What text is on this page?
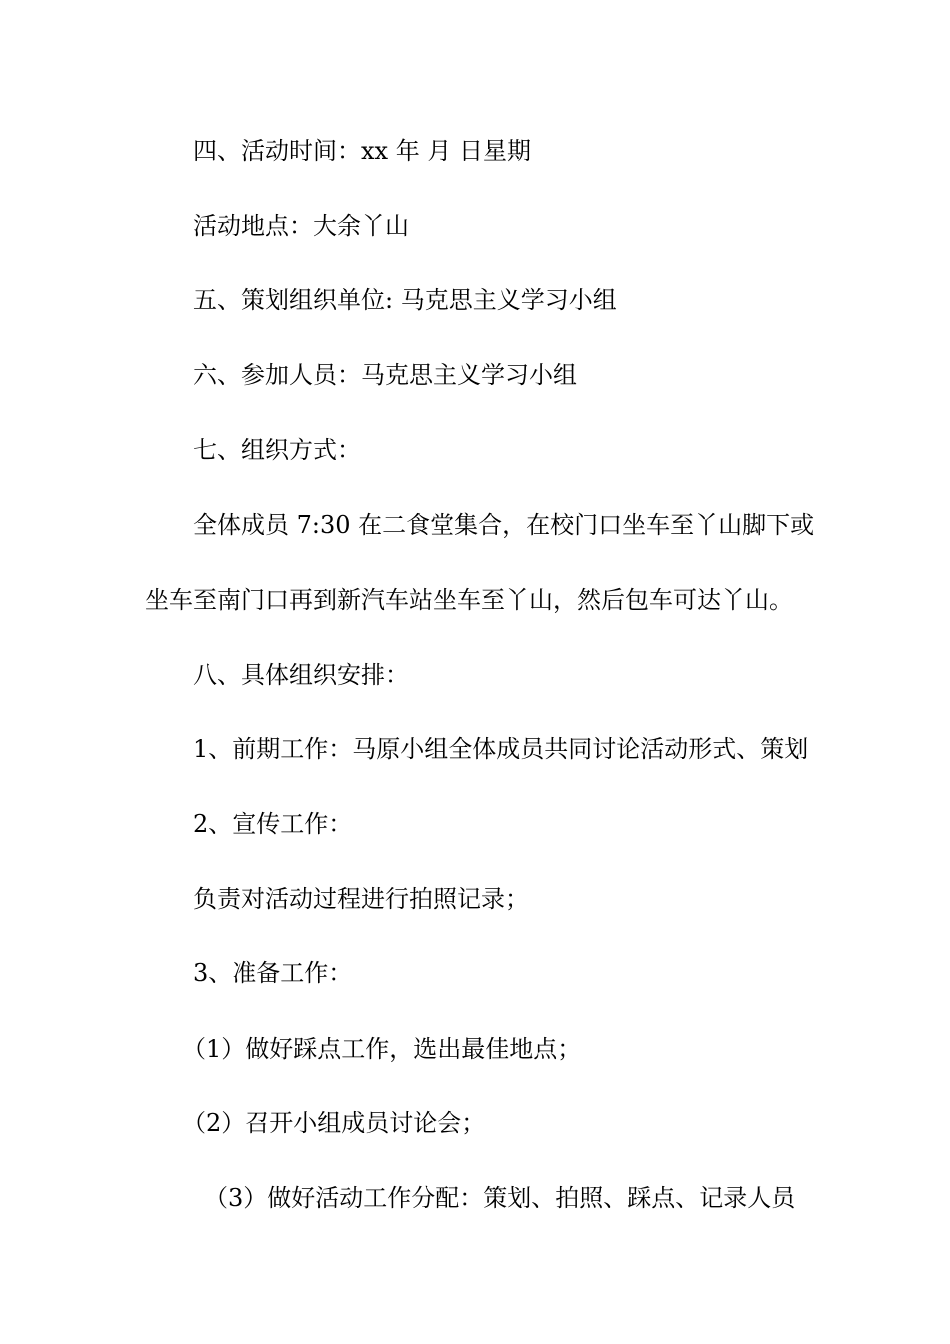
四、活动时间：xx 年 月 日星期
活动地点：大余丫山
五、策划组织单位: 马克思主义学习小组
六、参加人员：马克思主义学习小组
七、组织方式：
全体成员 7:30 在二食堂集合，在校门口坐车至丫山脚下或
坐车至南门口再到新汽车站坐车至丫山，然后包车可达丫山。
八、具体组织安排：
1、前期工作：马原小组全体成员共同讨论活动形式、策划
2、宣传工作：
负责对活动过程进行拍照记录；
3、准备工作：
（1）做好踩点工作，选出最佳地点；
（2）召开小组成员讨论会；
（3）做好活动工作分配：策划、拍照、踩点、记录人员
